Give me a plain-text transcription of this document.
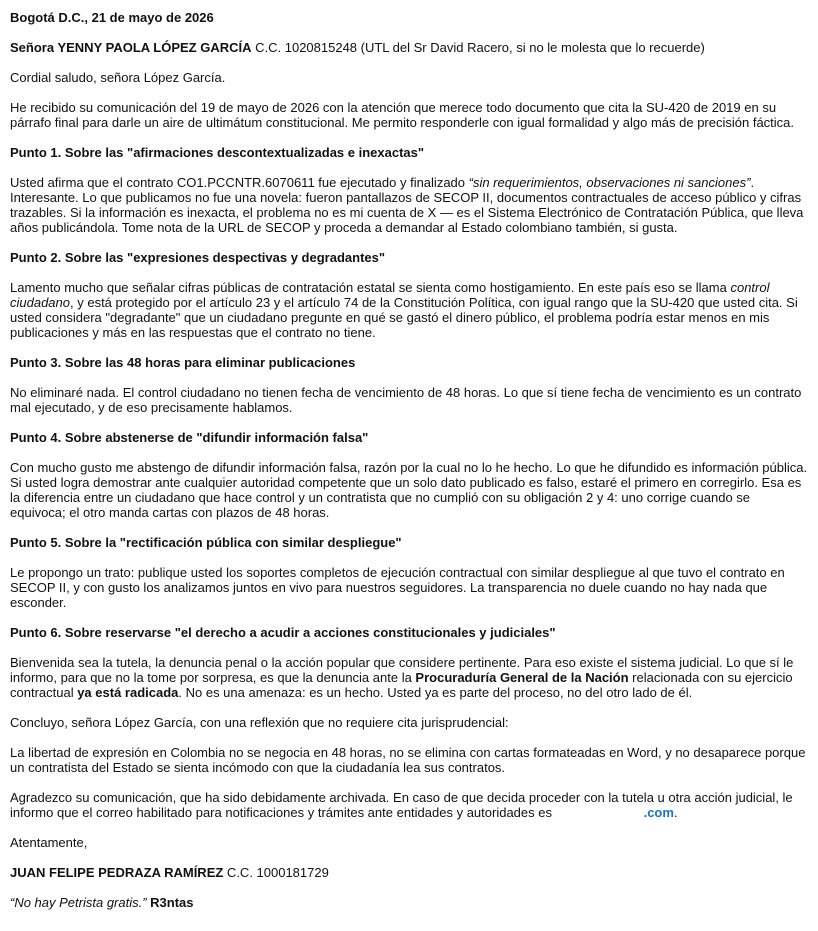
Bogotá D.C., 21 de mayo de 2026

Señora YENNY PAOLA LÓPEZ GARCÍA C.C. 1020815248 (UTL del Sr David Racero, si no le molesta que lo recuerde)

Cordial saludo, señora López García.

He recibido su comunicación del 19 de mayo de 2026 con la atención que merece todo documento que cita la SU-420 de 2019 en su párrafo final para darle un aire de ultimátum constitucional. Me permito responderle con igual formalidad y algo más de precisión fáctica.

Punto 1. Sobre las "afirmaciones descontextualizadas e inexactas"

Usted afirma que el contrato CO1.PCCNTR.6070611 fue ejecutado y finalizado “sin requerimientos, observaciones ni sanciones”. Interesante. Lo que publicamos no fue una novela: fueron pantallazos de SECOP II, documentos contractuales de acceso público y cifras trazables. Si la información es inexacta, el problema no es mi cuenta de X — es el Sistema Electrónico de Contratación Pública, que lleva años publicándola. Tome nota de la URL de SECOP y proceda a demandar al Estado colombiano también, si gusta.

Punto 2. Sobre las "expresiones despectivas y degradantes"

Lamento mucho que señalar cifras públicas de contratación estatal se sienta como hostigamiento. En este país eso se llama control ciudadano, y está protegido por el artículo 23 y el artículo 74 de la Constitución Política, con igual rango que la SU-420 que usted cita. Si usted considera "degradante" que un ciudadano pregunte en qué se gastó el dinero público, el problema podría estar menos en mis publicaciones y más en las respuestas que el contrato no tiene.

Punto 3. Sobre las 48 horas para eliminar publicaciones

No eliminaré nada. El control ciudadano no tienen fecha de vencimiento de 48 horas. Lo que sí tiene fecha de vencimiento es un contrato mal ejecutado, y de eso precisamente hablamos.

Punto 4. Sobre abstenerse de "difundir información falsa"

Con mucho gusto me abstengo de difundir información falsa, razón por la cual no lo he hecho. Lo que he difundido es información pública. Si usted logra demostrar ante cualquier autoridad competente que un solo dato publicado es falso, estaré el primero en corregirlo. Esa es la diferencia entre un ciudadano que hace control y un contratista que no cumplió con su obligación 2 y 4: uno corrige cuando se equivoca; el otro manda cartas con plazos de 48 horas.

Punto 5. Sobre la "rectificación pública con similar despliegue"

Le propongo un trato: publique usted los soportes completos de ejecución contractual con similar despliegue al que tuvo el contrato en SECOP II, y con gusto los analizamos juntos en vivo para nuestros seguidores. La transparencia no duele cuando no hay nada que esconder.

Punto 6. Sobre reservarse "el derecho a acudir a acciones constitucionales y judiciales"

Bienvenida sea la tutela, la denuncia penal o la acción popular que considere pertinente. Para eso existe el sistema judicial. Lo que sí le informo, para que no la tome por sorpresa, es que la denuncia ante la Procuraduría General de la Nación relacionada con su ejercicio contractual ya está radicada. No es una amenaza: es un hecho. Usted ya es parte del proceso, no del otro lado de él.

Concluyo, señora López García, con una reflexión que no requiere cita jurisprudencial:

La libertad de expresión en Colombia no se negocia en 48 horas, no se elimina con cartas formateadas en Word, y no desaparece porque un contratista del Estado se sienta incómodo con que la ciudadanía lea sus contratos.

Agradezco su comunicación, que ha sido debidamente archivada. En caso de que decida proceder con la tutela u otra acción judicial, le informo que el correo habilitado para notificaciones y trámites ante entidades y autoridades es	.com.

Atentamente,

JUAN FELIPE PEDRAZA RAMÍREZ C.C. 1000181729

“No hay Petrista gratis.” R3ntas
